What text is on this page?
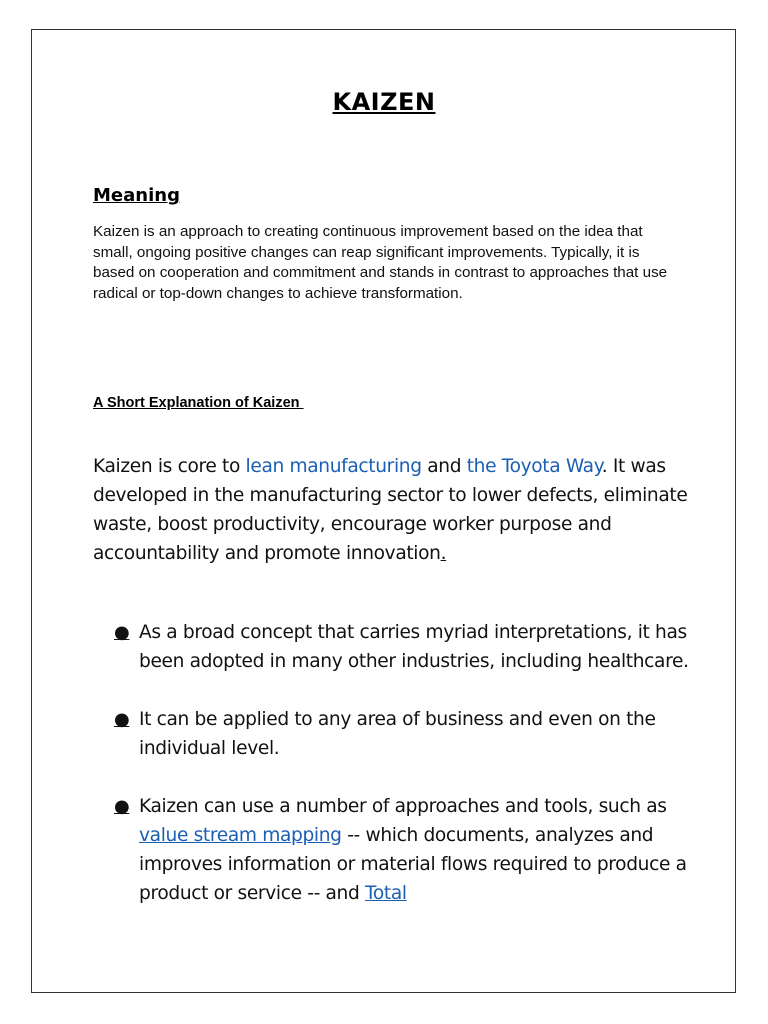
KAIZEN
Meaning
Kaizen is an approach to creating continuous improvement based on the idea that small, ongoing positive changes can reap significant improvements. Typically, it is based on cooperation and commitment and stands in contrast to approaches that use radical or top-down changes to achieve transformation.
A Short Explanation of Kaizen
Kaizen is core to lean manufacturing and the Toyota Way. It was developed in the manufacturing sector to lower defects, eliminate waste, boost productivity, encourage worker purpose and accountability and promote innovation.
● As a broad concept that carries myriad interpretations, it has been adopted in many other industries, including healthcare.
● It can be applied to any area of business and even on the individual level.
● Kaizen can use a number of approaches and tools, such as value stream mapping -- which documents, analyzes and improves information or material flows required to produce a product or service -- and Total
